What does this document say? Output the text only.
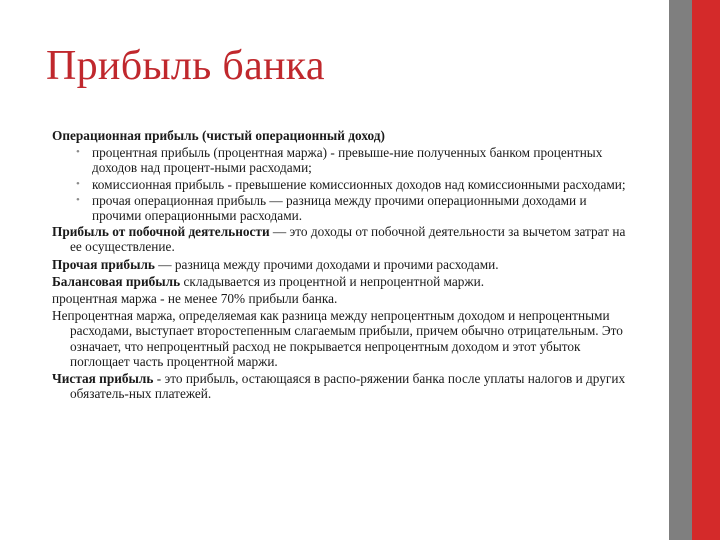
Прибыль банка

Операционная прибыль (чистый операционный доход)

• процентная прибыль (процентная маржа) - превыше-ние полученных банком процентных доходов над процент-ными расходами;

• комиссионная прибыль - превышение комиссионных доходов над комиссионными расходами;

• прочая операционная прибыль — разница между прочими операционными доходами и прочими операционными расходами.

Прибыль от побочной деятельности — это доходы от побочной деятельности за вычетом затрат на ее осуществление.

Прочая прибыль — разница между прочими доходами и прочими расходами.

Балансовая прибыль складывается из процентной и непроцентной маржи.

процентная маржа - не менее 70% прибыли банка.

Непроцентная маржа, определяемая как разница между непроцентным доходом и непроцентными расходами, выступает второстепенным слагаемым прибыли, причем обычно отрицательным. Это означает, что непроцентный расход не покрывается непроцентным доходом и этот убыток поглощает часть процентной маржи.

Чистая прибыль - это прибыль, остающаяся в распо-ряжении банка после уплаты налогов и других обязатель-ных платежей.
